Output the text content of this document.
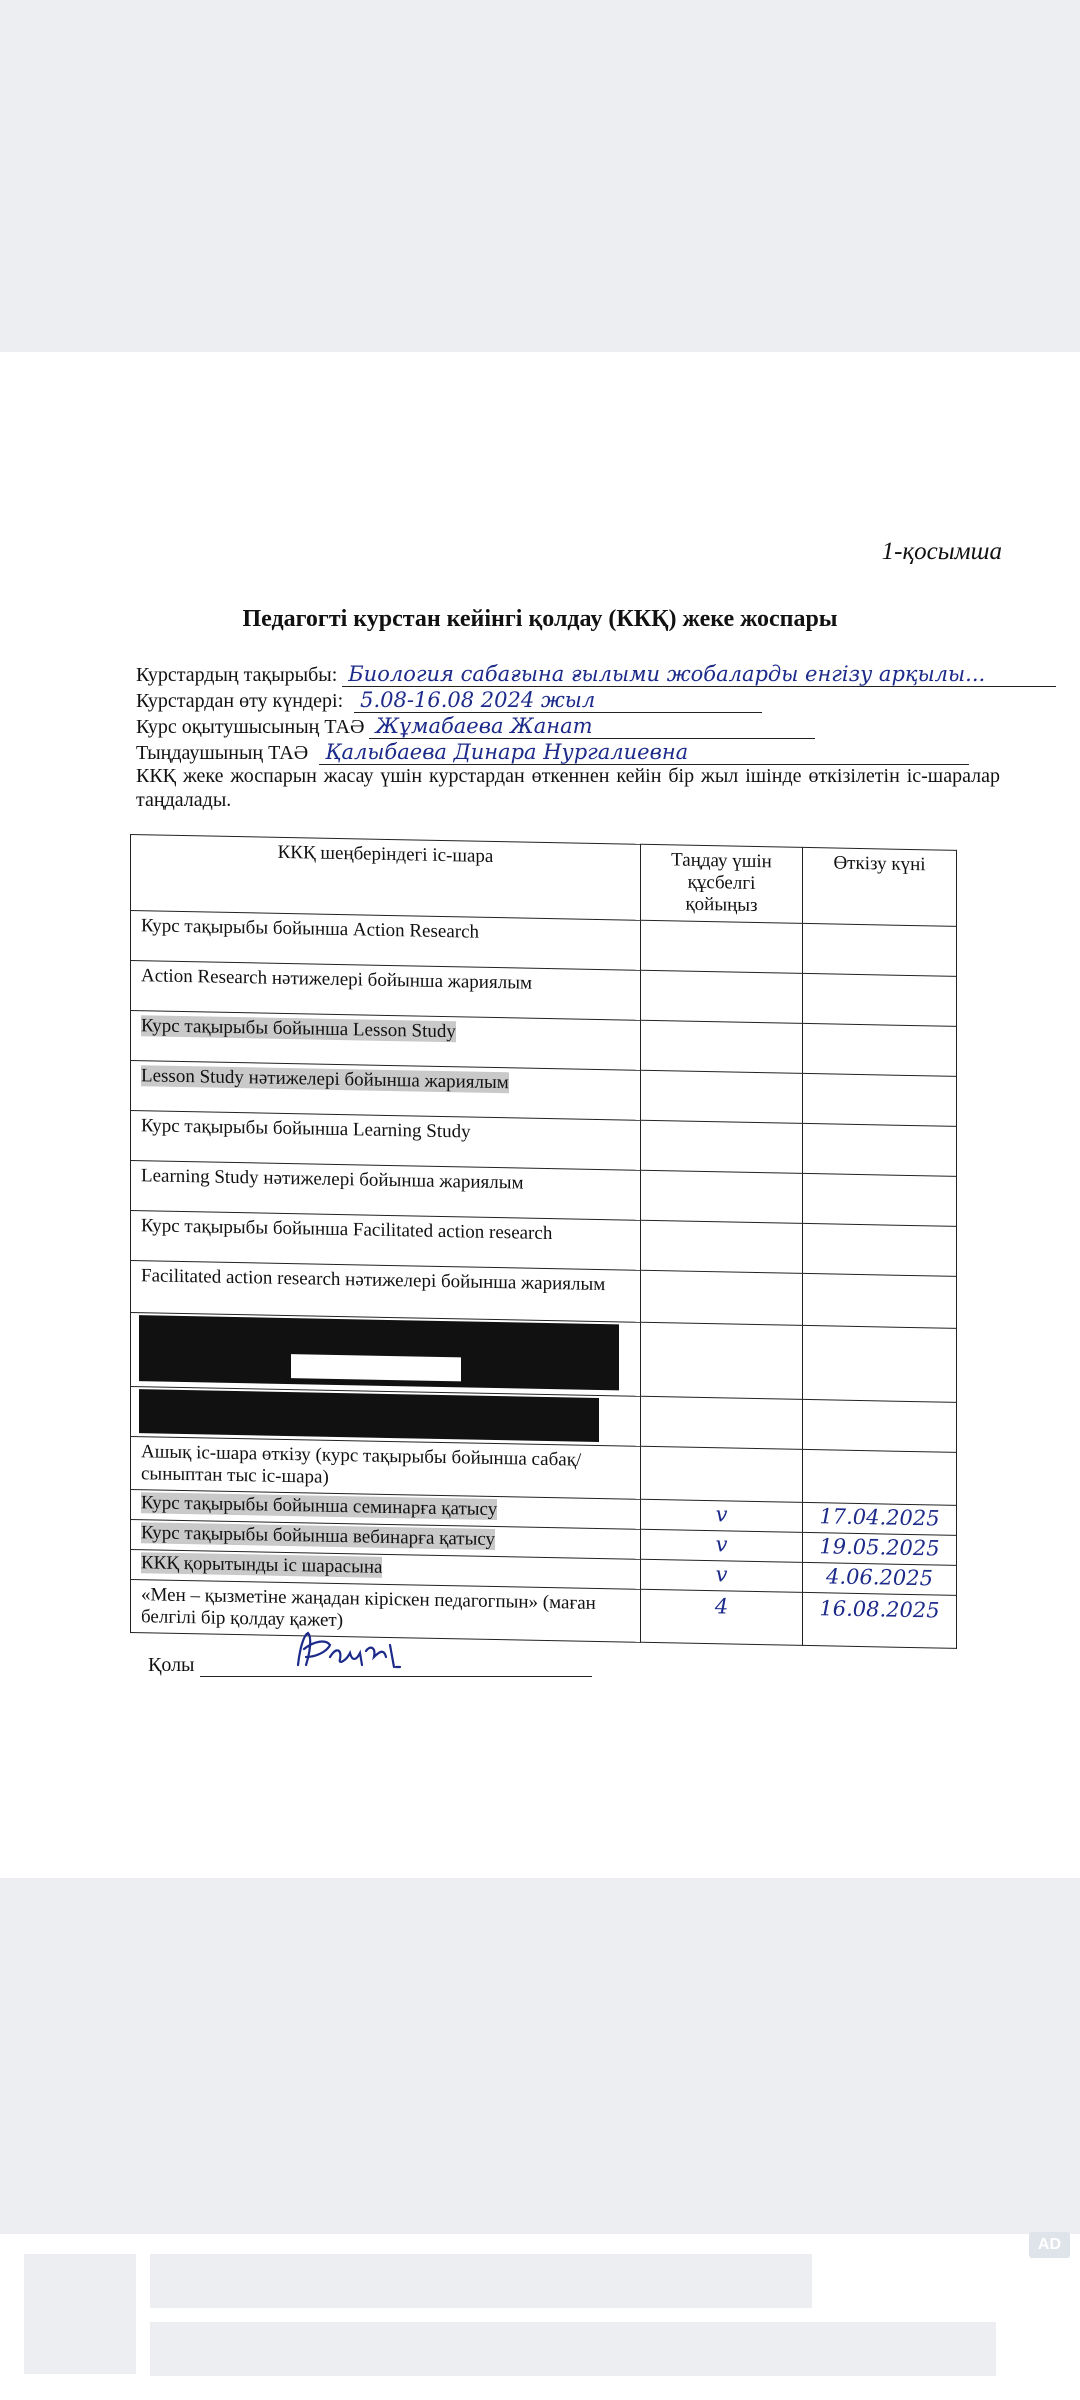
1-қосымша
Педагогті курстан кейінгі қолдау (ККҚ) жеке жоспары
Курстардың тақырыбы: Биология сабағына ғылыми жобаларды енгізу арқылы...
Курстардан өту күндері: 5.08-16.08 2024 жыл
Курс оқытушысының ТАӘ Жұмабаева Жанат
Тыңдаушының ТАӘ Қалыбаева Динара Нургалиевна
ККҚ жеке жоспарын жасау үшін курстардан өткеннен кейін бір жыл ішінде өткізілетін іс-шаралар таңдалады.
ККҚ шеңберіндегі іс-шара	Таңдау үшін құсбелгі қойыңыз	Өткізу күні
Курс тақырыбы бойынша Action Research		
Action Research нәтижелері бойынша жариялым		
Курс тақырыбы бойынша Lesson Study		
Lesson Study нәтижелері бойынша жариялым		
Курс тақырыбы бойынша Learning Study		
Learning Study нәтижелері бойынша жариялым		
Курс тақырыбы бойынша Facilitated action research		
Facilitated action research нәтижелері бойынша жариялым		

Ашық іс-шара өткізу (курс тақырыбы бойынша сабақ/ сыныптан тыс іс-шара)		
Курс тақырыбы бойынша семинарға қатысу	v	17.04.2025
Курс тақырыбы бойынша вебинарға қатысу	v	19.05.2025
ККҚ қорытынды іс шарасына	v	4.06.2025
«Мен – қызметіне жаңадан кіріскен педагогпын» (маған белгілі бір қолдау қажет)	4	16.08.2025
Қолы
AD
